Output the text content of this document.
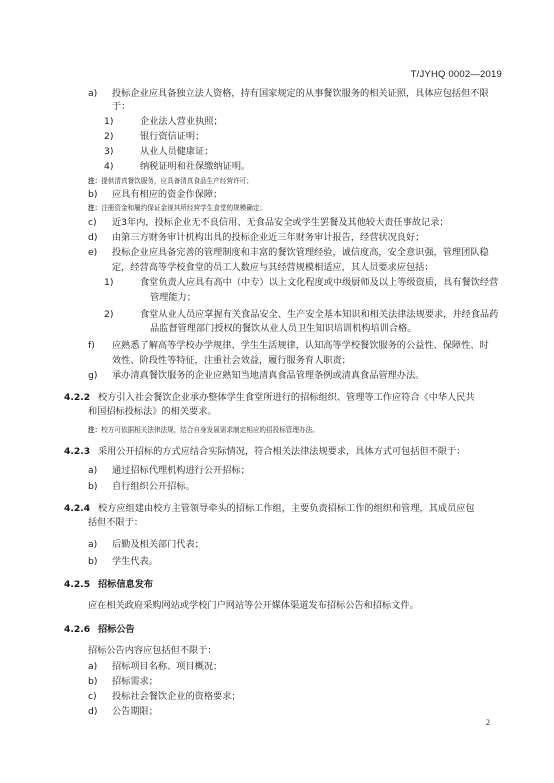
T/JYHQ 0002—2019
a)	投标企业应具备独立法人资格，持有国家规定的从事餐饮服务的相关证照，具体应包括但不限于：
1)	企业法人营业执照；
2)	银行资信证明；
3)	从业人员健康证；
4)	纳税证明和社保缴纳证明。
注：提供清真餐饮服务，应具备清真食品生产经营许可；
b)	应具有相应的资金作保障；
注：注册资金和履约保证金视其所经营学生食堂的规模确定；
c)	近3年内，投标企业无不良信用、无食品安全或学生罢餐及其他较大责任事故记录；
d)	由第三方财务审计机构出具的投标企业近三年财务审计报告，经营状况良好；
e)	投标企业应具备完善的管理制度和丰富的餐饮管理经验，诚信度高，安全意识强，管理团队稳
定，经营高等学校食堂的员工人数应与其经营规模相适应，其人员要求应包括：
1)	食堂负责人应具有高中（中专）以上文化程度或中级厨师及以上等级资质，具有餐饮经营
管理能力；
2)	食堂从业人员应掌握有关食品安全、生产安全基本知识和相关法律法规要求，并经食品药
品监督管理部门授权的餐饮从业人员卫生知识培训机构培训合格。
f)	应熟悉了解高等学校办学规律、学生生活规律，认知高等学校餐饮服务的公益性、保障性、时
效性、阶段性等特征，注重社会效益，履行服务育人职责；
g)	承办清真餐饮服务的企业应熟知当地清真食品管理条例或清真食品管理办法。
4.2.2 校方引入社会餐饮企业承办整体学生食堂所进行的招标组织、管理等工作应符合《中华人民共
和国招标投标法》的相关要求。
注：校方可依据相关法律法规，结合自身发展需求制定相应的招投标管理办法。
4.2.3 采用公开招标的方式应结合实际情况，符合相关法律法规要求，具体方式可包括但不限于：
a)	通过招标代理机构进行公开招标；
b)	自行组织公开招标。
4.2.4 校方应组建由校方主管领导牵头的招标工作组，主要负责招标工作的组织和管理，其成员应包
括但不限于：
a)	后勤及相关部门代表；
b)	学生代表。
4.2.5 招标信息发布
应在相关政府采购网站或学校门户网站等公开媒体渠道发布招标公告和招标文件。
4.2.6 招标公告
招标公告内容应包括但不限于：
a)	招标项目名称、项目概况；
b)	招标需求；
c)	投标社会餐饮企业的资格要求；
d)	公告期限；
2
